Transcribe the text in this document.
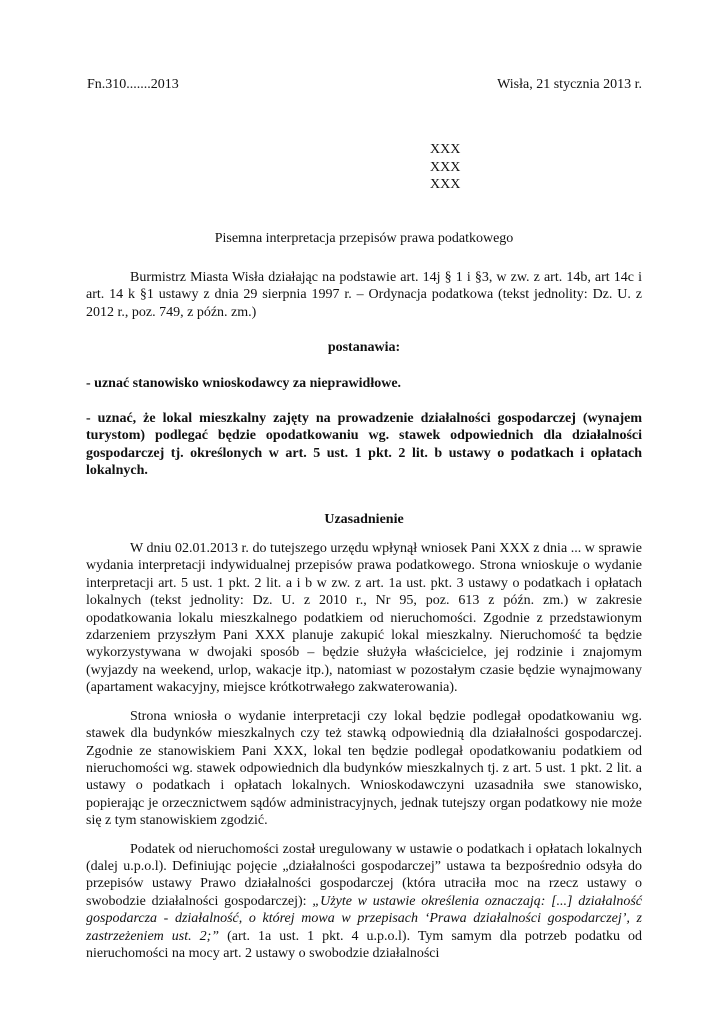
Fn.310.......2013	Wisła, 21 stycznia 2013 r.
XXX
XXX
XXX
Pisemna interpretacja przepisów prawa podatkowego
Burmistrz Miasta Wisła działając na podstawie art. 14j § 1 i §3, w zw. z art. 14b, art 14c i art. 14 k §1 ustawy z dnia 29 sierpnia 1997 r. – Ordynacja podatkowa (tekst jednolity: Dz. U. z 2012 r., poz. 749, z późn. zm.)
postanawia:
- uznać stanowisko wnioskodawcy za nieprawidłowe.
- uznać, że lokal mieszkalny zajęty na prowadzenie działalności gospodarczej (wynajem turystom) podlegać będzie opodatkowaniu wg. stawek odpowiednich dla działalności gospodarczej tj. określonych w art. 5 ust. 1 pkt. 2 lit. b ustawy o podatkach i opłatach lokalnych.
Uzasadnienie
W dniu 02.01.2013 r. do tutejszego urzędu wpłynął wniosek Pani XXX z dnia ... w sprawie wydania interpretacji indywidualnej przepisów prawa podatkowego. Strona wnioskuje o wydanie interpretacji art. 5 ust. 1 pkt. 2 lit. a i b w zw. z art. 1a ust. pkt. 3 ustawy o podatkach i opłatach lokalnych (tekst jednolity: Dz. U. z 2010 r., Nr 95, poz. 613 z późn. zm.) w zakresie opodatkowania lokalu mieszkalnego podatkiem od nieruchomości. Zgodnie z przedstawionym zdarzeniem przyszłym Pani XXX planuje zakupić lokal mieszkalny. Nieruchomość ta będzie wykorzystywana w dwojaki sposób – będzie służyła właścicielce, jej rodzinie i znajomym (wyjazdy na weekend, urlop, wakacje itp.), natomiast w pozostałym czasie będzie wynajmowany (apartament wakacyjny, miejsce krótkotrwałego zakwaterowania).
Strona wniosła o wydanie interpretacji czy lokal będzie podlegał opodatkowaniu wg. stawek dla budynków mieszkalnych czy też stawką odpowiednią dla działalności gospodarczej. Zgodnie ze stanowiskiem Pani XXX, lokal ten będzie podlegał opodatkowaniu podatkiem od nieruchomości wg. stawek odpowiednich dla budynków mieszkalnych tj. z art. 5 ust. 1 pkt. 2 lit. a ustawy o podatkach i opłatach lokalnych. Wnioskodawczyni uzasadniła swe stanowisko, popierając je orzecznictwem sądów administracyjnych, jednak tutejszy organ podatkowy nie może się z tym stanowiskiem zgodzić.
Podatek od nieruchomości został uregulowany w ustawie o podatkach i opłatach lokalnych (dalej u.p.o.l). Definiując pojęcie „działalności gospodarczej” ustawa ta bezpośrednio odsyła do przepisów ustawy Prawo działalności gospodarczej (która utraciła moc na rzecz ustawy o swobodzie działalności gospodarczej): „Użyte w ustawie określenia oznaczają: [...] działalność gospodarcza - działalność, o której mowa w przepisach ‘Prawa działalności gospodarczej’, z zastrzeżeniem ust. 2;” (art. 1a ust. 1 pkt. 4 u.p.o.l). Tym samym dla potrzeb podatku od nieruchomości na mocy art. 2 ustawy o swobodzie działalności
